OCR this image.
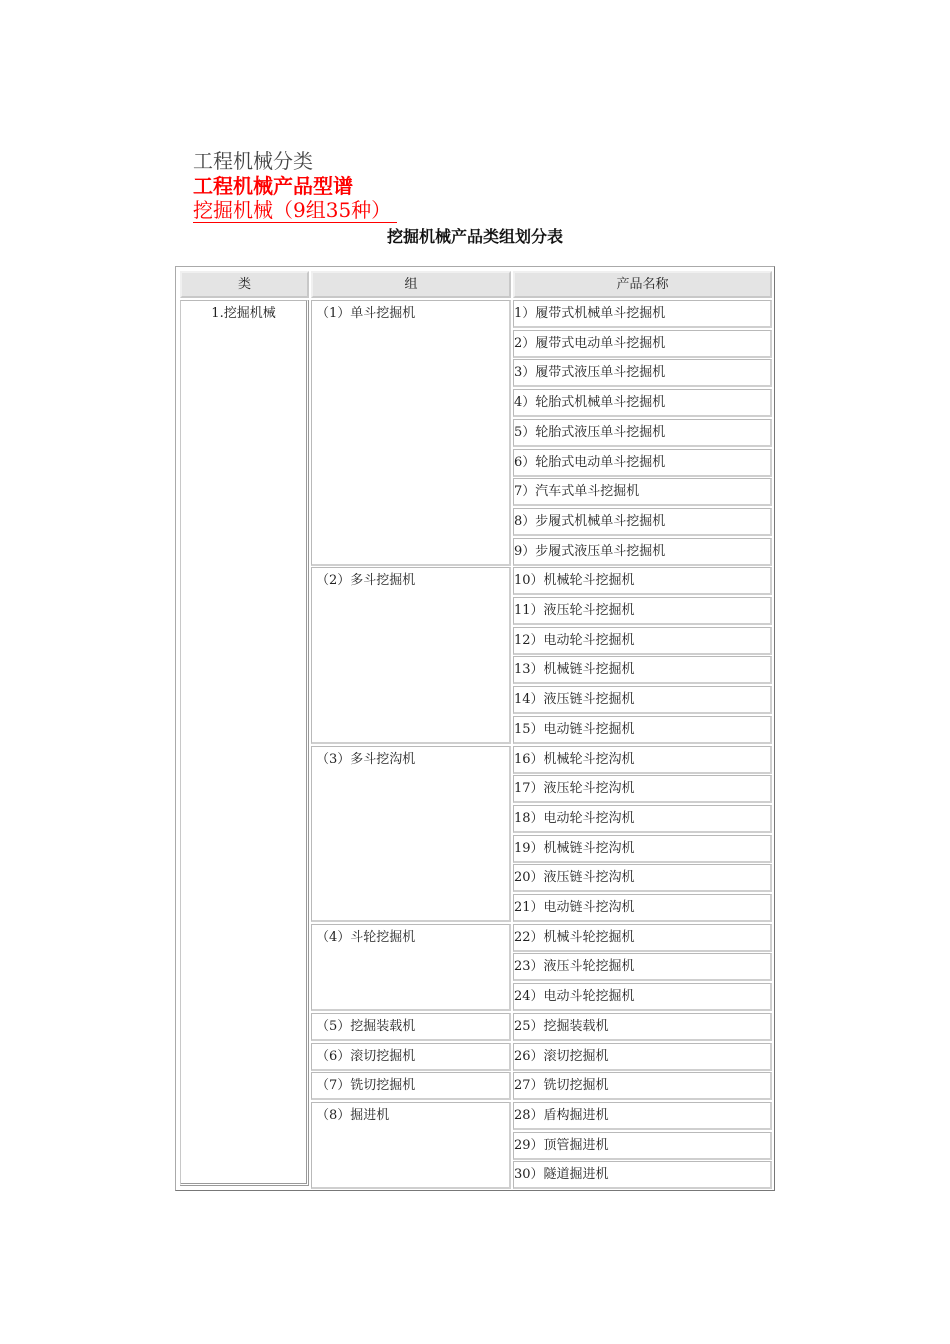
工程机械分类
工程机械产品型谱
挖掘机械（9组35种）
挖掘机械产品类组划分表
类	组	产品名称
1.挖掘机械	（1）单斗挖掘机	1）履带式机械单斗挖掘机
2）履带式电动单斗挖掘机
3）履带式液压单斗挖掘机
4）轮胎式机械单斗挖掘机
5）轮胎式液压单斗挖掘机
6）轮胎式电动单斗挖掘机
7）汽车式单斗挖掘机
8）步履式机械单斗挖掘机
9）步履式液压单斗挖掘机
（2）多斗挖掘机	10）机械轮斗挖掘机
11）液压轮斗挖掘机
12）电动轮斗挖掘机
13）机械链斗挖掘机
14）液压链斗挖掘机
15）电动链斗挖掘机
（3）多斗挖沟机	16）机械轮斗挖沟机
17）液压轮斗挖沟机
18）电动轮斗挖沟机
19）机械链斗挖沟机
20）液压链斗挖沟机
21）电动链斗挖沟机
（4）斗轮挖掘机	22）机械斗轮挖掘机
23）液压斗轮挖掘机
24）电动斗轮挖掘机
（5）挖掘装载机	25）挖掘装载机
（6）滚切挖掘机	26）滚切挖掘机
（7）铣切挖掘机	27）铣切挖掘机
（8）掘进机	28）盾构掘进机
29）顶管掘进机
30）隧道掘进机
